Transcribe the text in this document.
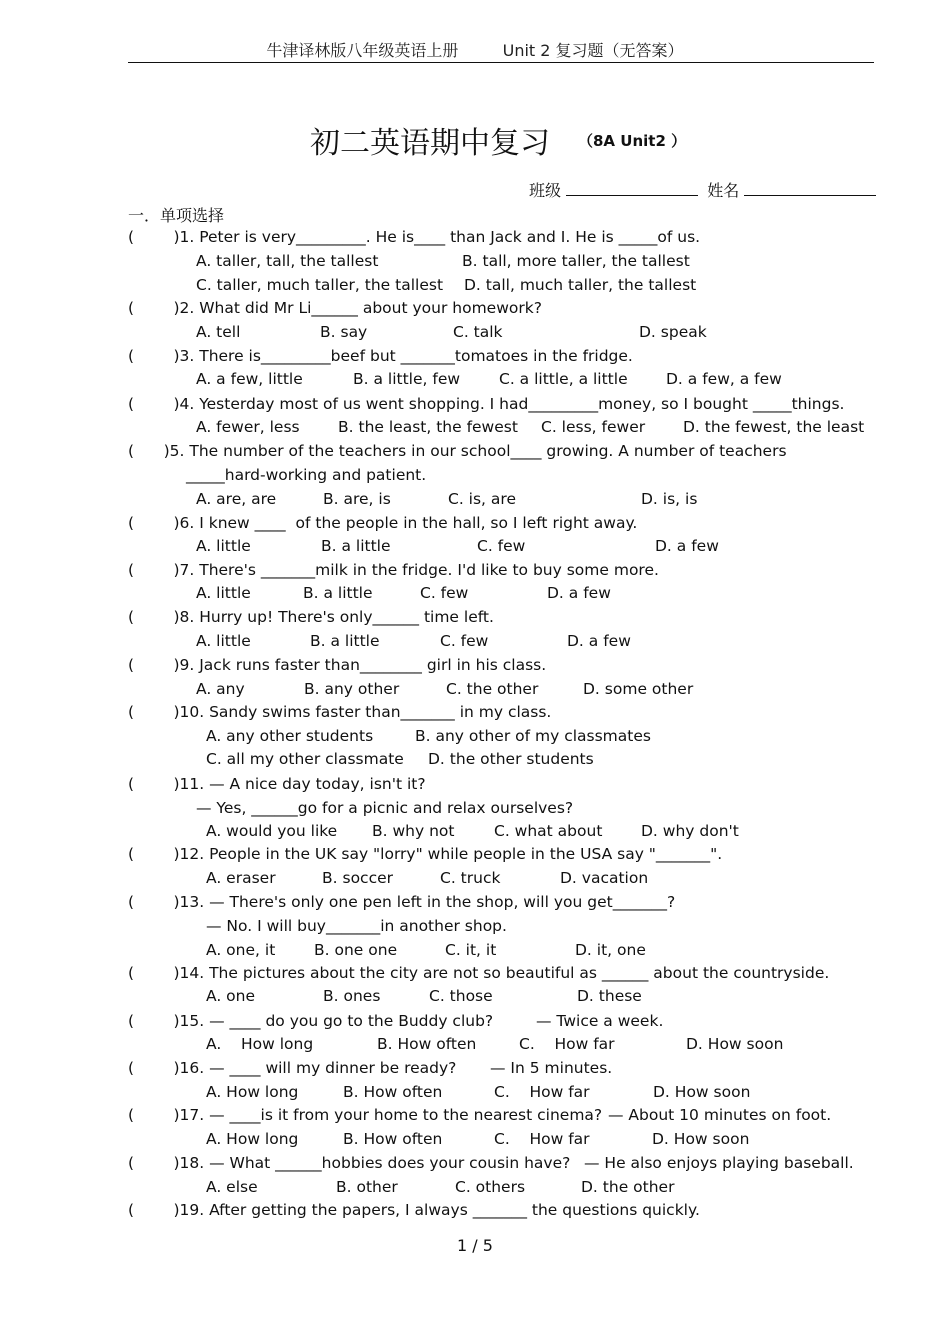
牛津译林版八年级英语上册	Unit 2 复习题（无答案）
初二英语期中复习 （8A Unit2 ）
班级	姓名
一．单项选择
(        )1. Peter is very_________. He is____ than Jack and I. He is _____of us.
A. taller, tall, the tallest	B. tall, more taller, the tallest
C. taller, much taller, the tallest D. tall, much taller, the tallest
(        )2. What did Mr Li______ about your homework?
A. tell	B. say	C. talk	D. speak
(        )3. There is_________beef but _______tomatoes in the fridge.
A. a few, little	B. a little, few	C. a little, a little D. a few, a few
(        )4. Yesterday most of us went shopping. I had_________money, so I bought _____things.
A. fewer, less B. the least, the fewest C. less, fewer D. the fewest, the least
(      )5. The number of the teachers in our school____ growing. A number of teachers
_____hard-working and patient.
A. are, are	B. are, is	C. is, are	D. is, is
(        )6. I knew ____  of the people in the hall, so I left right away.
A. little	B. a little	C. few	D. a few
(        )7. There's _______milk in the fridge. I'd like to buy some more.
A. little	B. a little	C. few	D. a few
(        )8. Hurry up! There's only______ time left.
A. little	B. a little	C. few	D. a few
(        )9. Jack runs faster than________ girl in his class.
A. any	B. any other	C. the other	D. some other
(        )10. Sandy swims faster than_______ in my class.
A. any other students	B. any other of my classmates
C. all my other classmate D. the other students
(        )11. — A nice day today, isn't it?
— Yes, ______go for a picnic and relax ourselves?
A. would you like B. why not	C. what about D. why don't
(        )12. People in the UK say "lorry" while people in the USA say "_______".
A. eraser	B. soccer	C. truck	D. vacation
(        )13. — There's only one pen left in the shop, will you get_______?
— No. I will buy_______in another shop.
A. one, it B. one one	C. it, it	D. it, one
(        )14. The pictures about the city are not so beautiful as ______ about the countryside.
A. one	B. ones	C. those	D. these
(        )15. — ____ do you go to the Buddy club?	— Twice a week.
A.    How long	B. How often	C.    How far	D. How soon
(        )16. — ____ will my dinner be ready? — In 5 minutes.
A. How long	B. How often	C.    How far	D. How soon
(        )17. — ____is it from your home to the nearest cinema? — About 10 minutes on foot.
A. How long	B. How often	C.    How far	D. How soon
(        )18. — What ______hobbies does your cousin have? — He also enjoys playing baseball.
A. else	B. other	C. others	D. the other
(        )19. After getting the papers, I always _______ the questions quickly.
1 / 5
